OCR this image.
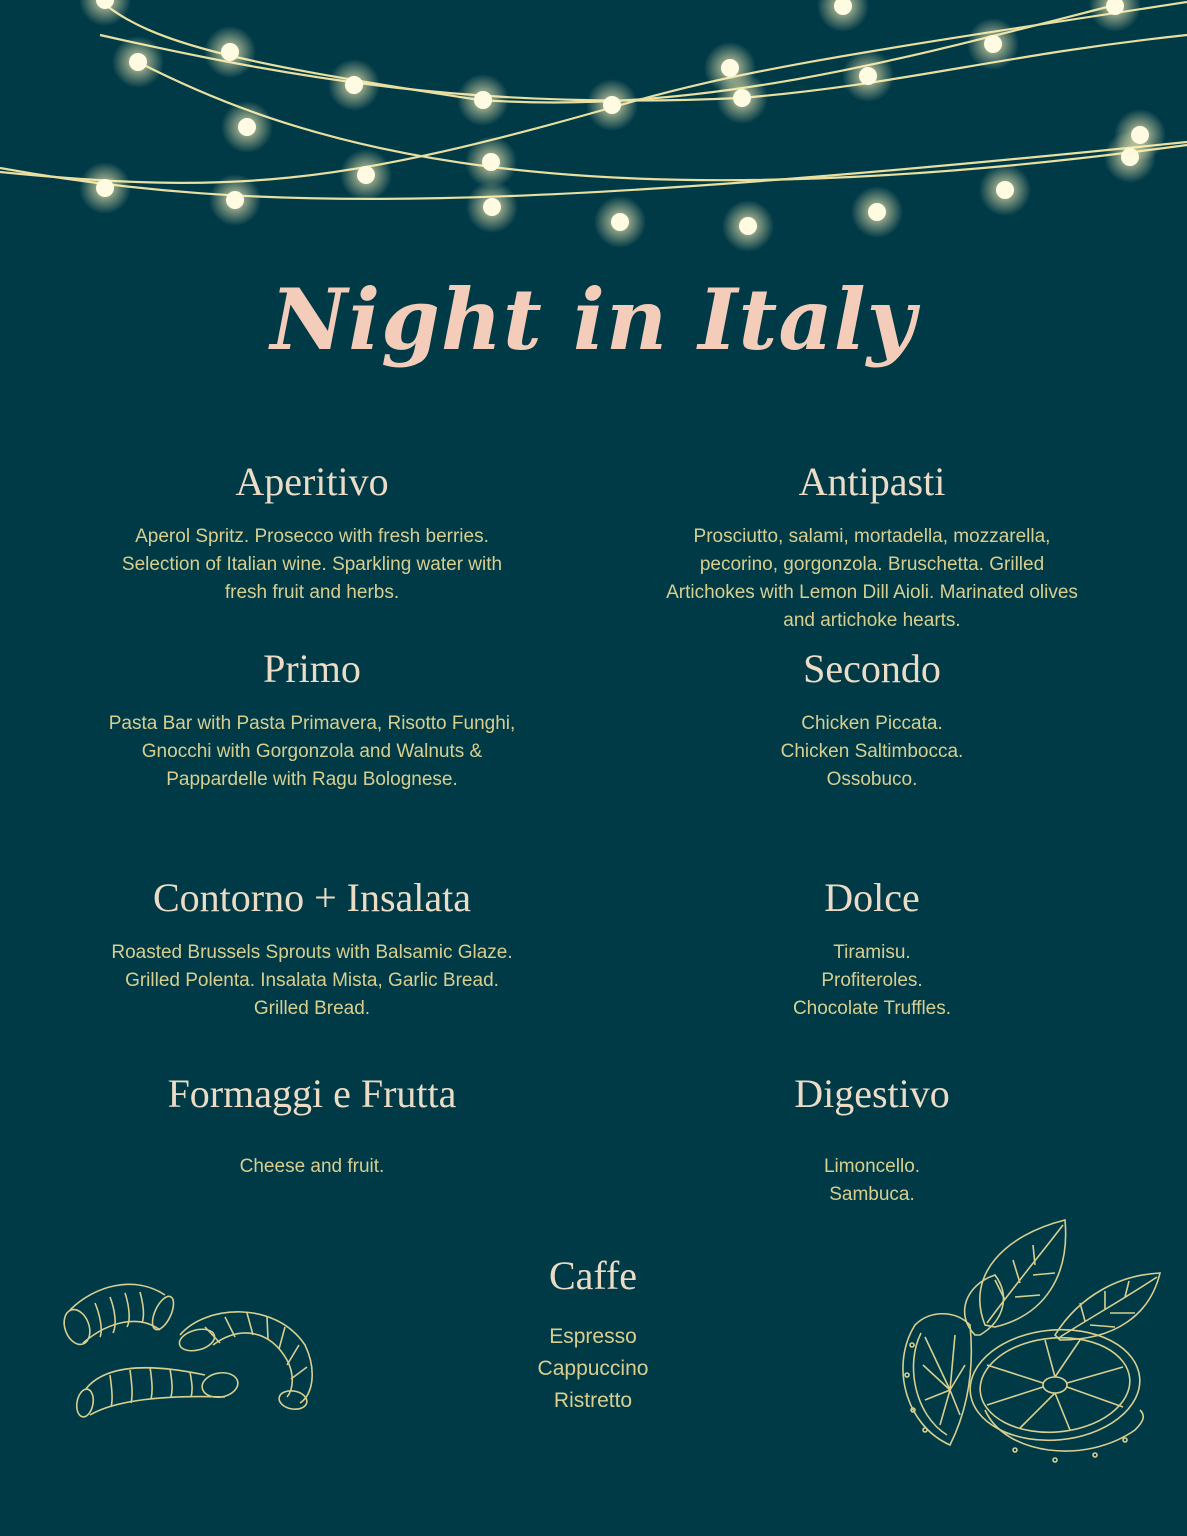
Night in Italy
Aperitivo

Aperol Spritz. Prosecco with fresh berries.
Selection of Italian wine. Sparkling water with
fresh fruit and herbs.

Antipasti

Prosciutto, salami, mortadella, mozzarella,
pecorino, gorgonzola. Bruschetta. Grilled
Artichokes with Lemon Dill Aioli. Marinated olives
and artichoke hearts.

Primo

Pasta Bar with Pasta Primavera, Risotto Funghi,
Gnocchi with Gorgonzola and Walnuts &
Pappardelle with Ragu Bolognese.

Secondo

Chicken Piccata.
Chicken Saltimbocca.
Ossobuco.

Contorno + Insalata

Roasted Brussels Sprouts with Balsamic Glaze.
Grilled Polenta. Insalata Mista, Garlic Bread.
Grilled Bread.

Dolce

Tiramisu.
Profiteroles.
Chocolate Truffles.

Formaggi e Frutta

Cheese and fruit.

Digestivo

Limoncello.
Sambuca.

Caffe

Espresso
Cappuccino
Ristretto
